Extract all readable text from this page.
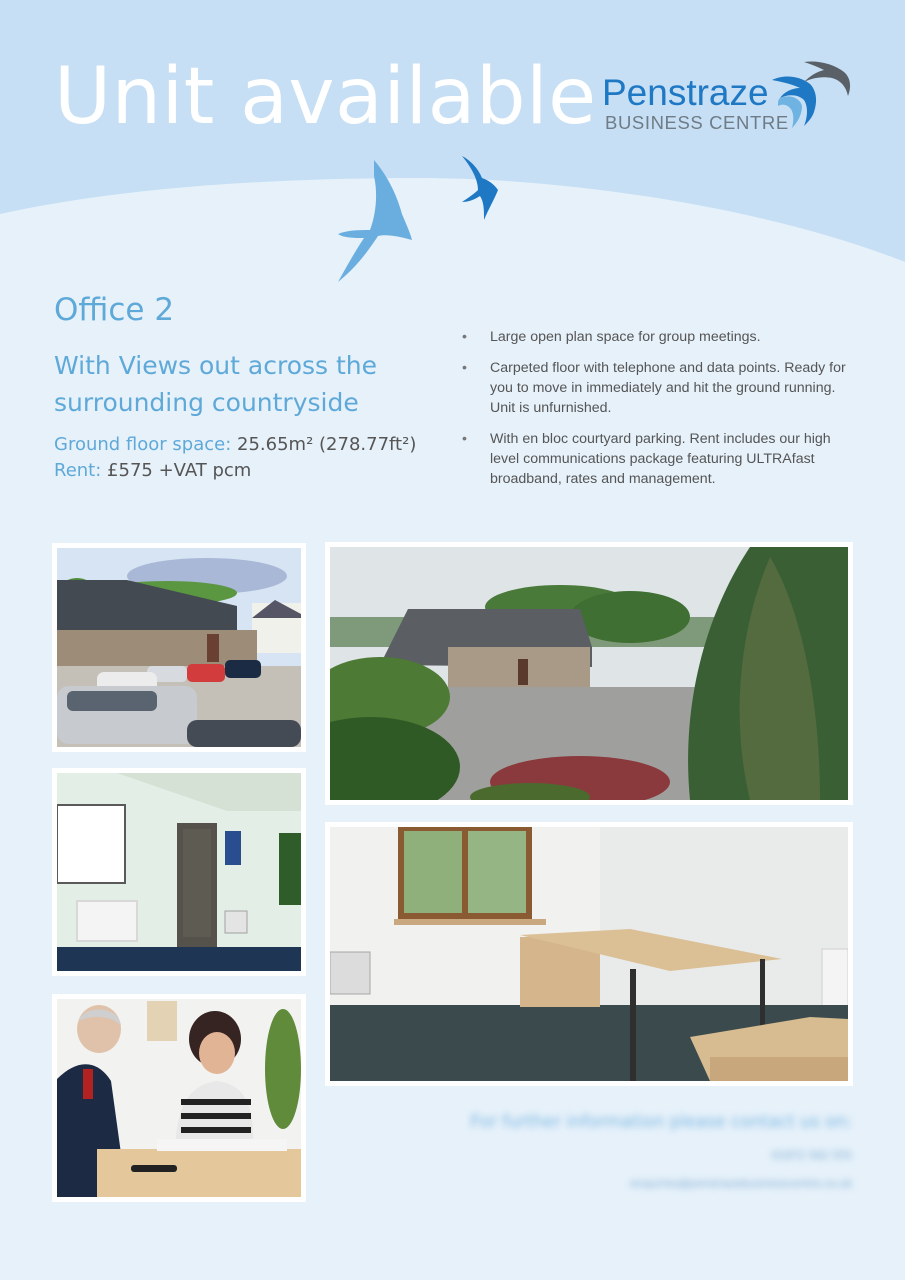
Unit available Penstraze
BUSINESS CENTRE
Office 2

With Views out across the surrounding countryside

Ground floor space: 25.65m² (278.77ft²)
Rent: £575 +VAT pcm
• Large open plan space for group meetings.
• Carpeted floor with telephone and data points. Ready for you to move in immediately and hit the ground running. Unit is unfurnished.
• With en bloc courtyard parking. Rent includes our high level communications package featuring ULTRAfast broadband, rates and management.
For further information please contact us on:
01872 562 555
enquiries@penstrazebusinesscentre.co.uk
